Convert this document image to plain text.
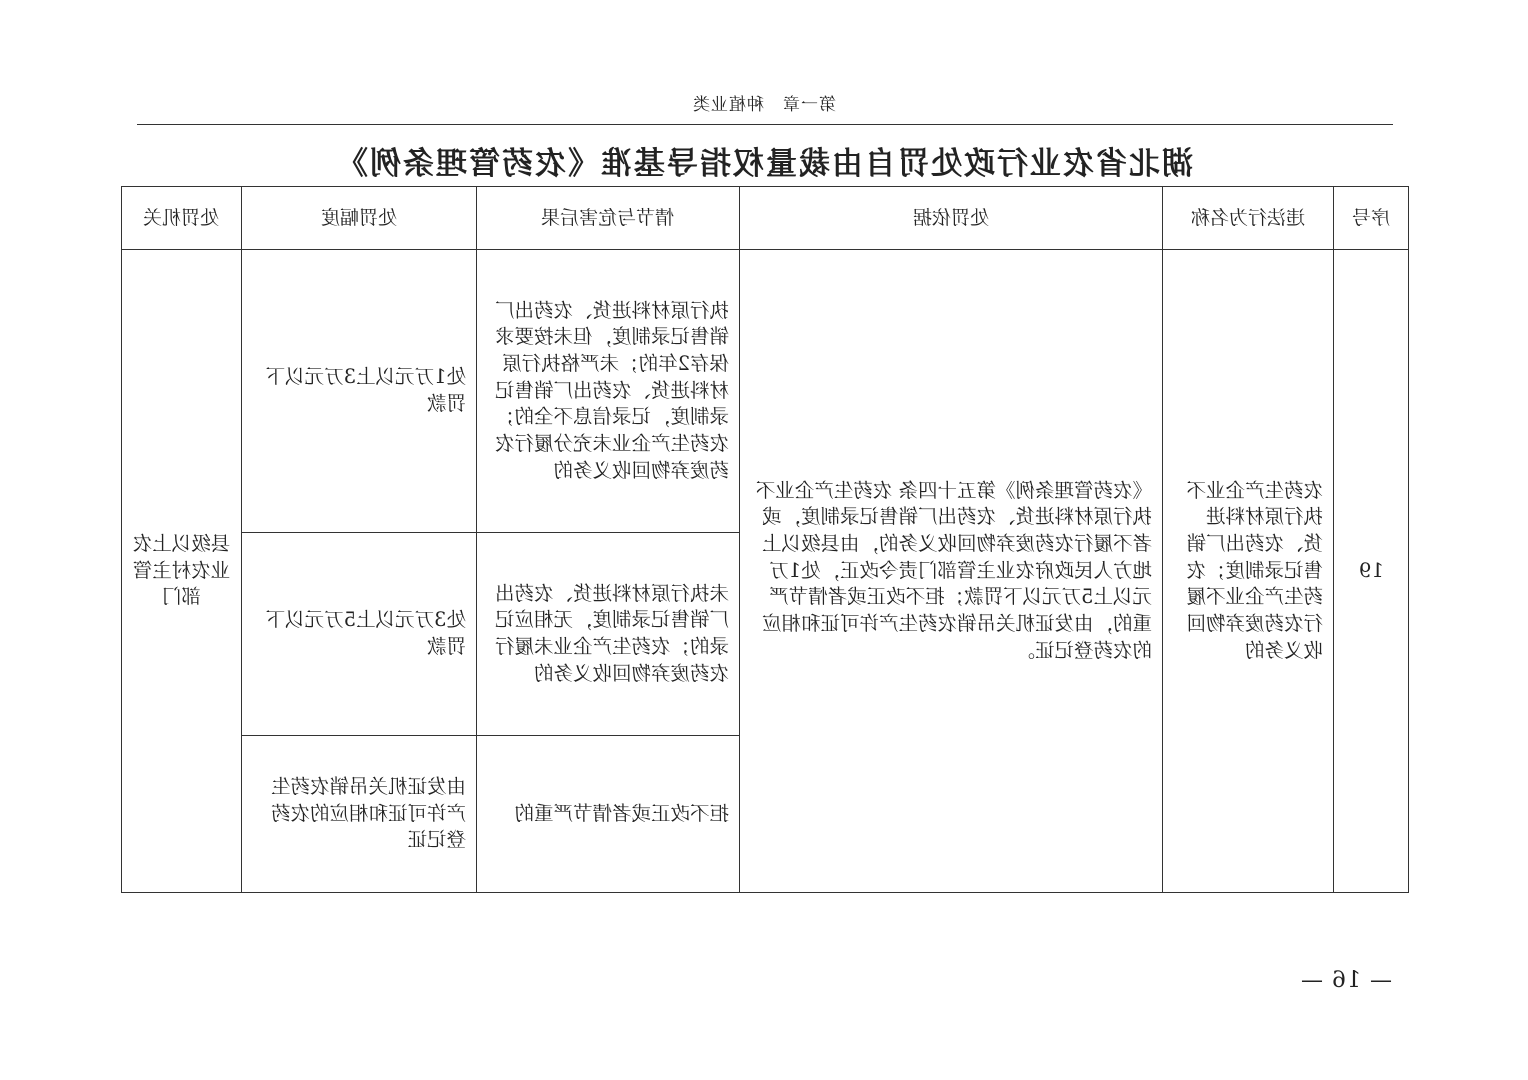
第一章　种植业类
湖北省农业行政处罚自由裁量权指导基准《农药管理条例》
处罚机关	处罚幅度	情节与危害后果	处罚依据	违法行为名称	序号
县级以上农业农村主管部门	处1万元以上3万元以下罚款	执行原材料进货、农药出厂销售记录制度，但未按要求保存2年的；未严格执行原材料进货、农药出厂销售记录制度，记录信息不全的；农药生产企业未充分履行农药废弃物回收义务的	《农药管理条例》第五十四条 农药生产企业不执行原材料进货、农药出厂销售记录制度，或者不履行农药废弃物回收义务的，由县级以上地方人民政府农业主管部门责令改正，处1万元以上5万元以下罚款；拒不改正或者情节严重的，由发证机关吊销农药生产许可证和相应的农药登记证。	农药生产企业不执行原材料进货、农药出厂销售记录制度；农药生产企业不履行农药废弃物回收义务的	19
	处3万元以上5万元以下罚款	未执行原材料进货、农药出厂销售记录制度，无相应记录的；农药生产企业未履行农药废弃物回收义务的			
	由发证机关吊销农药生产许可证和相应的农药登记证	拒不改正或者情节严重的			
— 16 —
